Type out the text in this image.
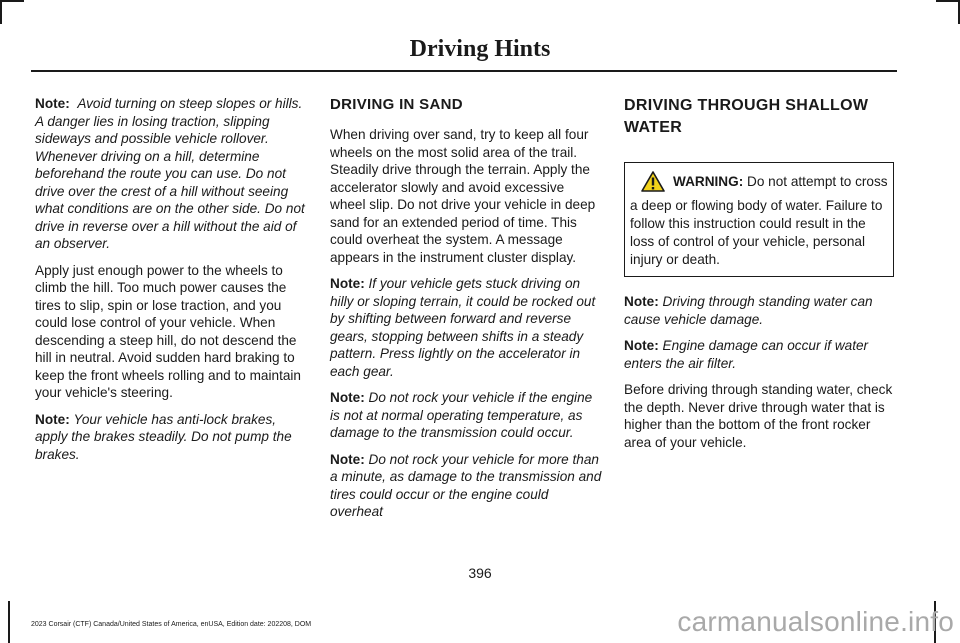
Driving Hints

Note: Avoid turning on steep slopes or hills. A danger lies in losing traction, slipping sideways and possible vehicle rollover. Whenever driving on a hill, determine beforehand the route you can use. Do not drive over the crest of a hill without seeing what conditions are on the other side. Do not drive in reverse over a hill without the aid of an observer.

Apply just enough power to the wheels to climb the hill. Too much power causes the tires to slip, spin or lose traction, and you could lose control of your vehicle. When descending a steep hill, do not descend the hill in neutral. Avoid sudden hard braking to keep the front wheels rolling and to maintain your vehicle's steering.

Note: Your vehicle has anti-lock brakes, apply the brakes steadily. Do not pump the brakes.

DRIVING IN SAND

When driving over sand, try to keep all four wheels on the most solid area of the trail. Steadily drive through the terrain. Apply the accelerator slowly and avoid excessive wheel slip. Do not drive your vehicle in deep sand for an extended period of time. This could overheat the system. A message appears in the instrument cluster display.

Note: If your vehicle gets stuck driving on hilly or sloping terrain, it could be rocked out by shifting between forward and reverse gears, stopping between shifts in a steady pattern. Press lightly on the accelerator in each gear.

Note: Do not rock your vehicle if the engine is not at normal operating temperature, as damage to the transmission could occur.

Note: Do not rock your vehicle for more than a minute, as damage to the transmission and tires could occur or the engine could overheat

DRIVING THROUGH SHALLOW
WATER
WARNING: Do not attempt to cross a deep or flowing body of water. Failure to follow this instruction could result in the loss of control of your vehicle, personal injury or death.

Note: Driving through standing water can cause vehicle damage.

Note: Engine damage can occur if water enters the air filter.

Before driving through standing water, check the depth. Never drive through water that is higher than the bottom of the front rocker area of your vehicle.

396
2023 Corsair (CTF) Canada/United States of America, enUSA, Edition date: 202208, DOM	carmanualsonline.info
